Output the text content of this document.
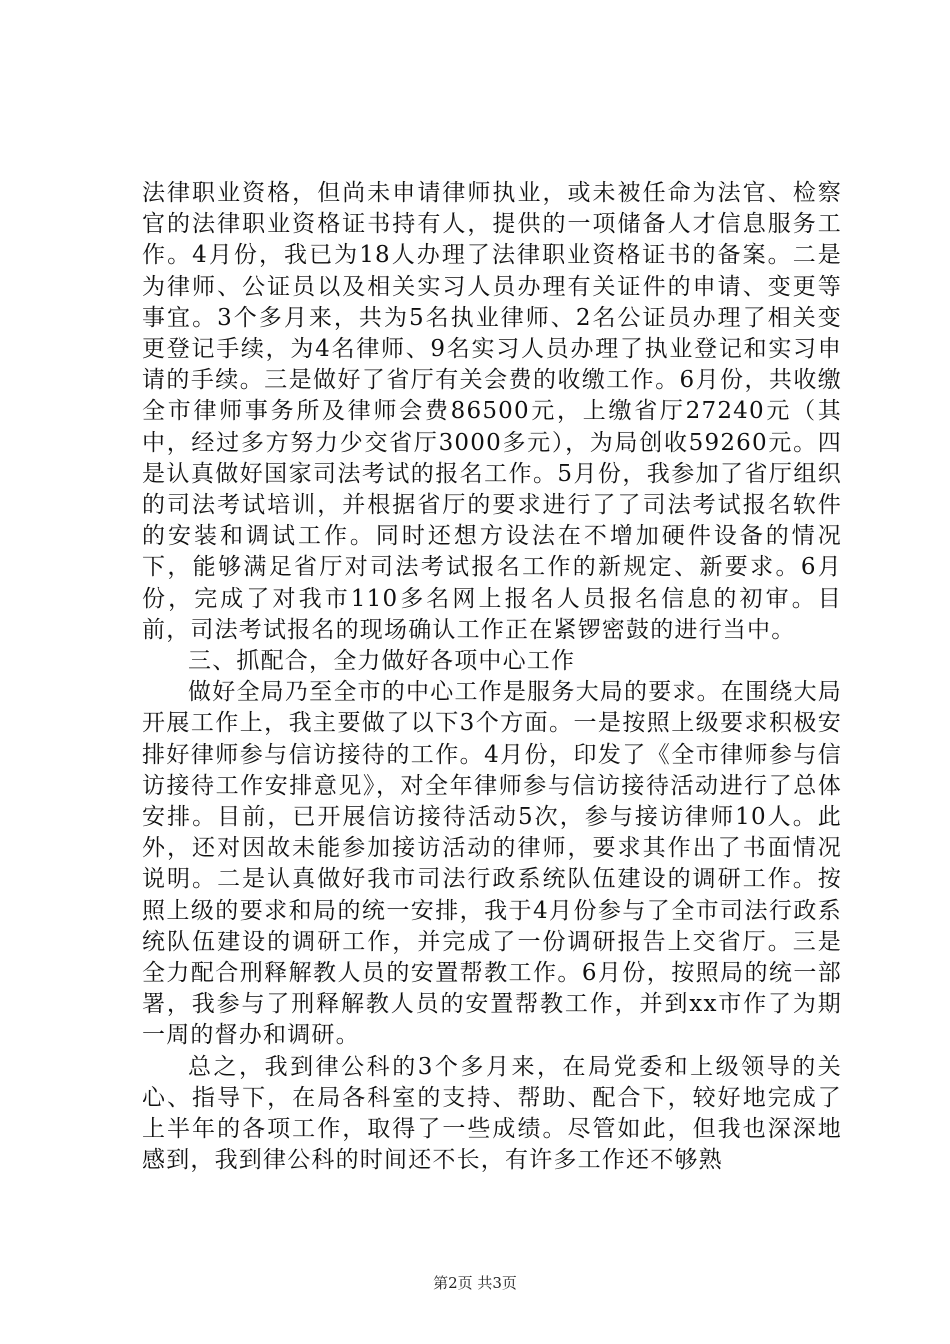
法律职业资格，但尚未申请律师执业，或未被任命为法官、检察官的法律职业资格证书持有人，提供的一项储备人才信息服务工作。4月份，我已为18人办理了法律职业资格证书的备案。二是为律师、公证员以及相关实习人员办理有关证件的申请、变更等事宜。3个多月来，共为5名执业律师、2名公证员办理了相关变更登记手续，为4名律师、9名实习人员办理了执业登记和实习申请的手续。三是做好了省厅有关会费的收缴工作。6月份，共收缴全市律师事务所及律师会费86500元，上缴省厅27240元（其中，经过多方努力少交省厅3000多元），为局创收59260元。四是认真做好国家司法考试的报名工作。5月份，我参加了省厅组织的司法考试培训，并根据省厅的要求进行了了司法考试报名软件的安装和调试工作。同时还想方设法在不增加硬件设备的情况下，能够满足省厅对司法考试报名工作的新规定、新要求。6月份，完成了对我市110多名网上报名人员报名信息的初审。目前，司法考试报名的现场确认工作正在紧锣密鼓的进行当中。

三、抓配合，全力做好各项中心工作

做好全局乃至全市的中心工作是服务大局的要求。在围绕大局开展工作上，我主要做了以下3个方面。一是按照上级要求积极安排好律师参与信访接待的工作。4月份，印发了《全市律师参与信访接待工作安排意见》，对全年律师参与信访接待活动进行了总体安排。目前，已开展信访接待活动5次，参与接访律师10人。此外，还对因故未能参加接访活动的律师，要求其作出了书面情况说明。二是认真做好我市司法行政系统队伍建设的调研工作。按照上级的要求和局的统一安排，我于4月份参与了全市司法行政系统队伍建设的调研工作，并完成了一份调研报告上交省厅。三是全力配合刑释解教人员的安置帮教工作。6月份，按照局的统一部署，我参与了刑释解教人员的安置帮教工作，并到xx市作了为期一周的督办和调研。

总之，我到律公科的3个多月来，在局党委和上级领导的关心、指导下，在局各科室的支持、帮助、配合下，较好地完成了上半年的各项工作，取得了一些成绩。尽管如此，但我也深深地感到，我到律公科的时间还不长，有许多工作还不够熟

第2页 共3页
